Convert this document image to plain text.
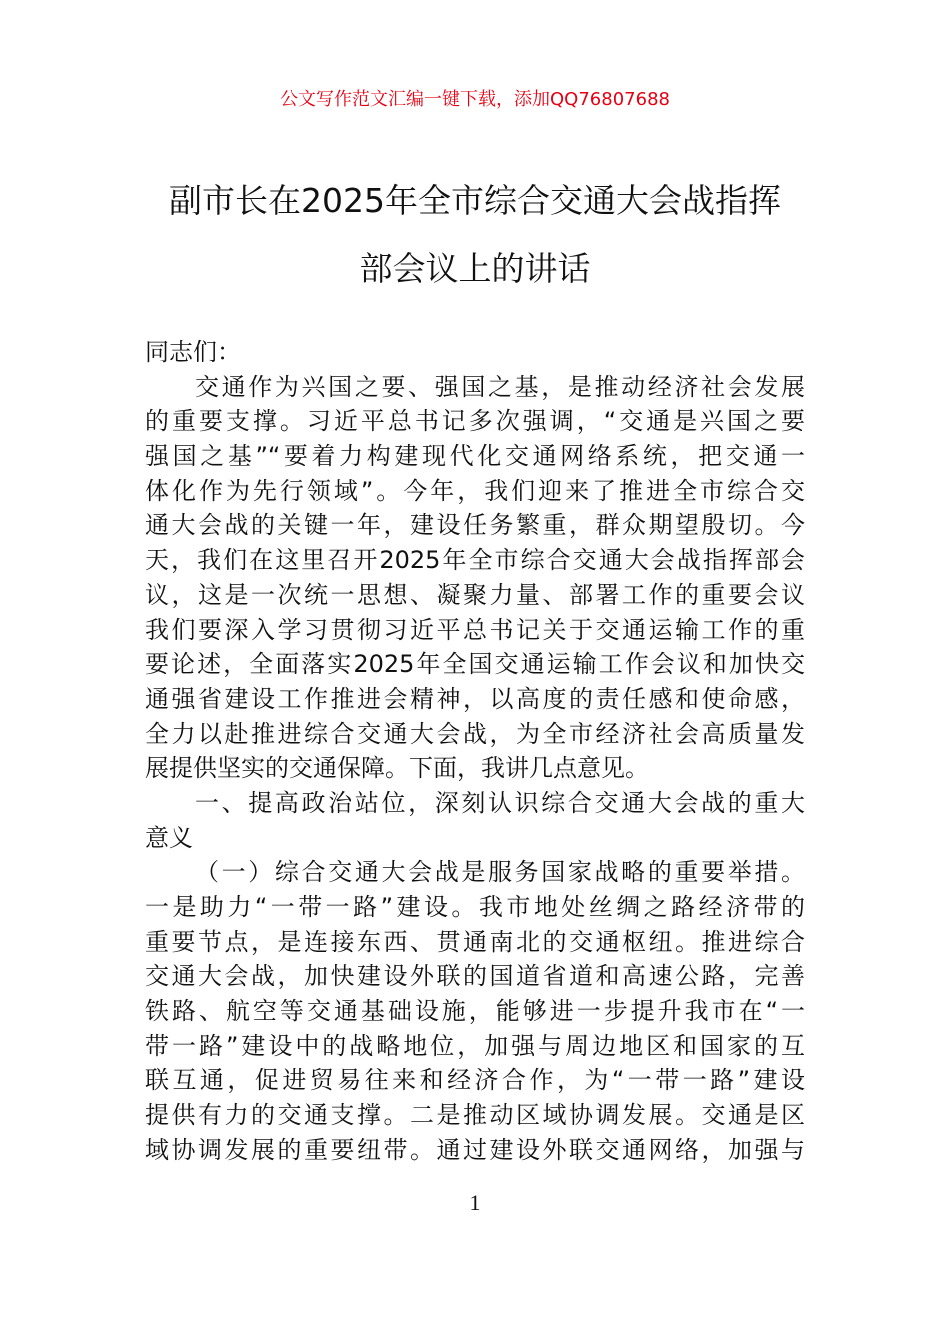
公文写作范文汇编一键下载，添加QQ76807688
副市长在2025年全市综合交通大会战指挥
部会议上的讲话
同志们：
交通作为兴国之要、强国之基，是推动经济社会发展
的重要支撑。习近平总书记多次强调，“交通是兴国之要
强国之基”“要着力构建现代化交通网络系统，把交通一
体化作为先行领域”。今年，我们迎来了推进全市综合交
通大会战的关键一年，建设任务繁重，群众期望殷切。今
天，我们在这里召开2025年全市综合交通大会战指挥部会
议，这是一次统一思想、凝聚力量、部署工作的重要会议
我们要深入学习贯彻习近平总书记关于交通运输工作的重
要论述，全面落实2025年全国交通运输工作会议和加快交
通强省建设工作推进会精神，以高度的责任感和使命感，
全力以赴推进综合交通大会战，为全市经济社会高质量发
展提供坚实的交通保障。下面，我讲几点意见。
一、提高政治站位，深刻认识综合交通大会战的重大
意义
（一）综合交通大会战是服务国家战略的重要举措。
一是助力“一带一路”建设。我市地处丝绸之路经济带的
重要节点，是连接东西、贯通南北的交通枢纽。推进综合
交通大会战，加快建设外联的国道省道和高速公路，完善
铁路、航空等交通基础设施，能够进一步提升我市在“一
带一路”建设中的战略地位，加强与周边地区和国家的互
联互通，促进贸易往来和经济合作，为“一带一路”建设
提供有力的交通支撑。二是推动区域协调发展。交通是区
域协调发展的重要纽带。通过建设外联交通网络，加强与
1
